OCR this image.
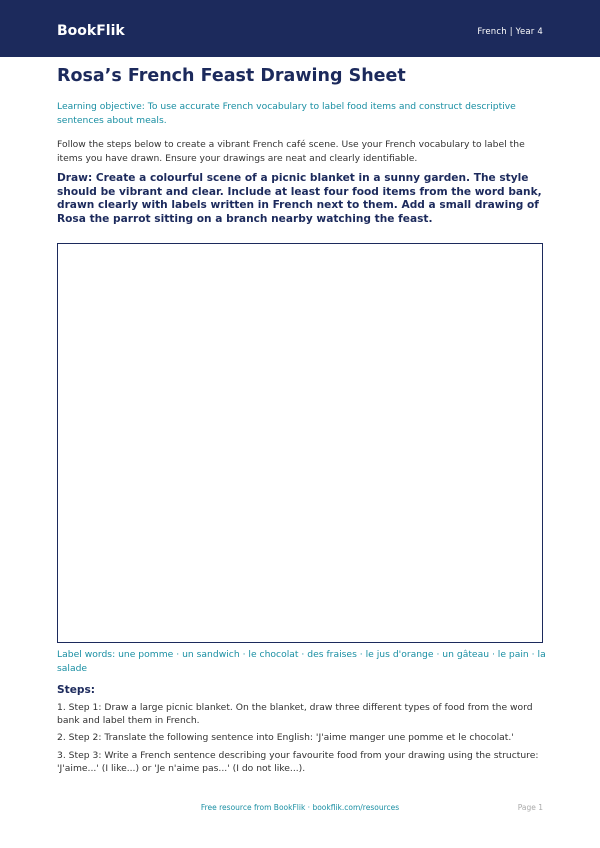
BookFlik	French | Year 4
Rosa’s French Feast Drawing Sheet

Learning objective: To use accurate French vocabulary to label food items and construct descriptive sentences about meals.

Follow the steps below to create a vibrant French café scene. Use your French vocabulary to label the items you have drawn. Ensure your drawings are neat and clearly identifiable.

Draw: Create a colourful scene of a picnic blanket in a sunny garden. The style should be vibrant and clear. Include at least four food items from the word bank, drawn clearly with labels written in French next to them. Add a small drawing of Rosa the parrot sitting on a branch nearby watching the feast.

Label words: une pomme · un sandwich · le chocolat · des fraises · le jus d'orange · un gâteau · le pain · la salade

Steps:

1. Step 1: Draw a large picnic blanket. On the blanket, draw three different types of food from the word bank and label them in French.

2. Step 2: Translate the following sentence into English: 'J'aime manger une pomme et le chocolat.'

3. Step 3: Write a French sentence describing your favourite food from your drawing using the structure: 'J'aime...' (I like...) or 'Je n'aime pas...' (I do not like...).

Free resource from BookFlik · bookflik.com/resources	Page 1
